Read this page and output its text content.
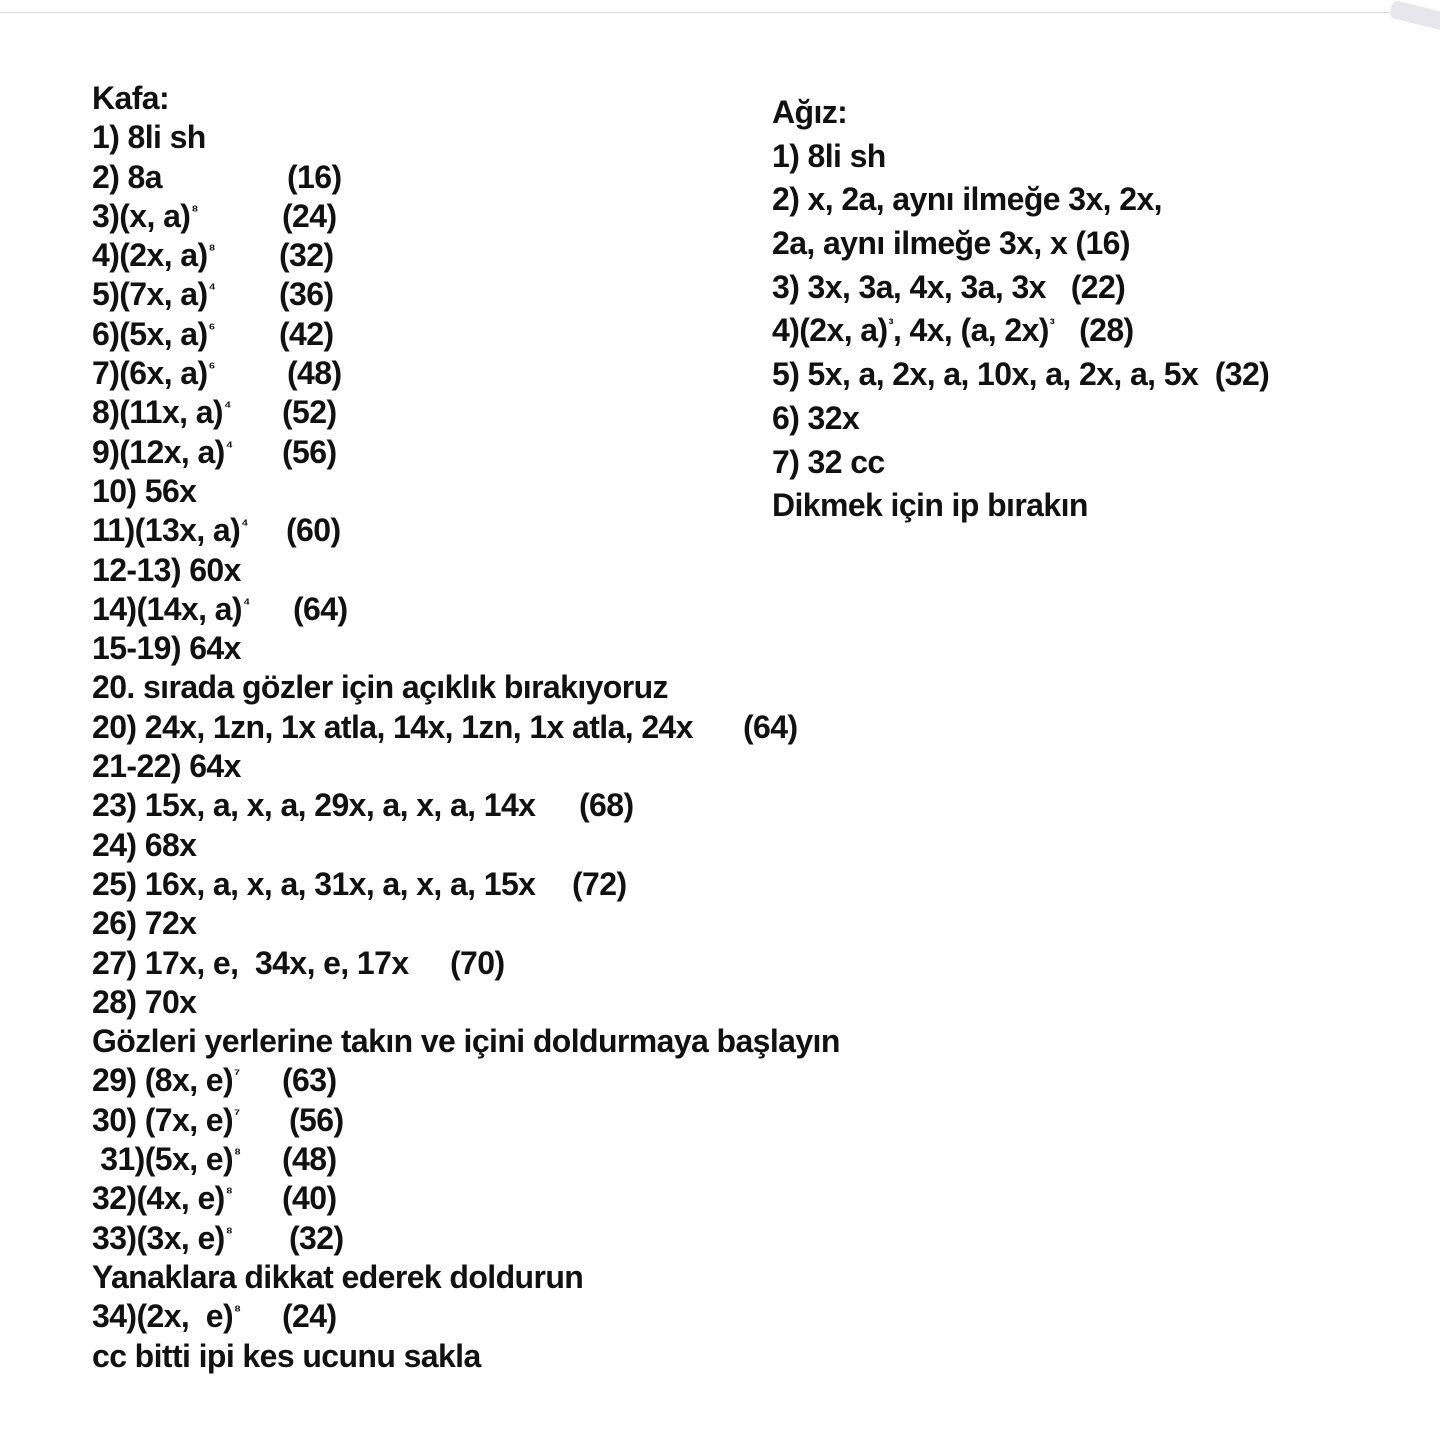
Kafa:
1) 8li sh
2) 8a	(16)
3)(x, a)$^{^8}$	(24)
4)(2x, a)$^{^8}$ (32)
5)(7x, a)$^{^4}$ (36)
6)(5x, a)$^{^6}$ (42)
7)(6x, a)$^{^6}$ (48)
8)(11x, a)$^{^4}$ (52)
9)(12x, a)$^{^4}$ (56)
10) 56x
11)(13x, a)$^{^4}$ (60)
12-13) 60x
14)(14x, a)$^{^4}$ (64)
15-19) 64x
20. sırada gözler için açıklık bırakıyoruz
20) 24x, 1zn, 1x atla, 14x, 1zn, 1x atla, 24x (64)
21-22) 64x
23) 15x, a, x, a, 29x, a, x, a, 14x (68)
24) 68x
25) 16x, a, x, a, 31x, a, x, a, 15x (72)
26) 72x
27) 17x, e,  34x, e, 17x (70)
28) 70x
Gözleri yerlerine takın ve içini doldurmaya başlayın
29) (8x, e)$^{^7}$ (63)
30) (7x, e)$^{^7}$ (56)
31)(5x, e)$^{^8}$ (48)
32)(4x, e)$^{^8}$ (40)
33)(3x, e)$^{^8}$ (32)
Yanaklara dikkat ederek doldurun
34)(2x,  e)$^{^8}$ (24)
cc bitti ipi kes ucunu sakla
Ağız:
1) 8li sh
2) x, 2a, aynı ilmeğe 3x, 2x,
2a, aynı ilmeğe 3x, x (16)
3) 3x, 3a, 4x, 3a, 3x   (22)
4)(2x, a)$^{^3}$, 4x, (a, 2x)$^{^3}$   (28)
5) 5x, a, 2x, a, 10x, a, 2x, a, 5x  (32)
6) 32x
7) 32 cc
Dikmek için ip bırakın
